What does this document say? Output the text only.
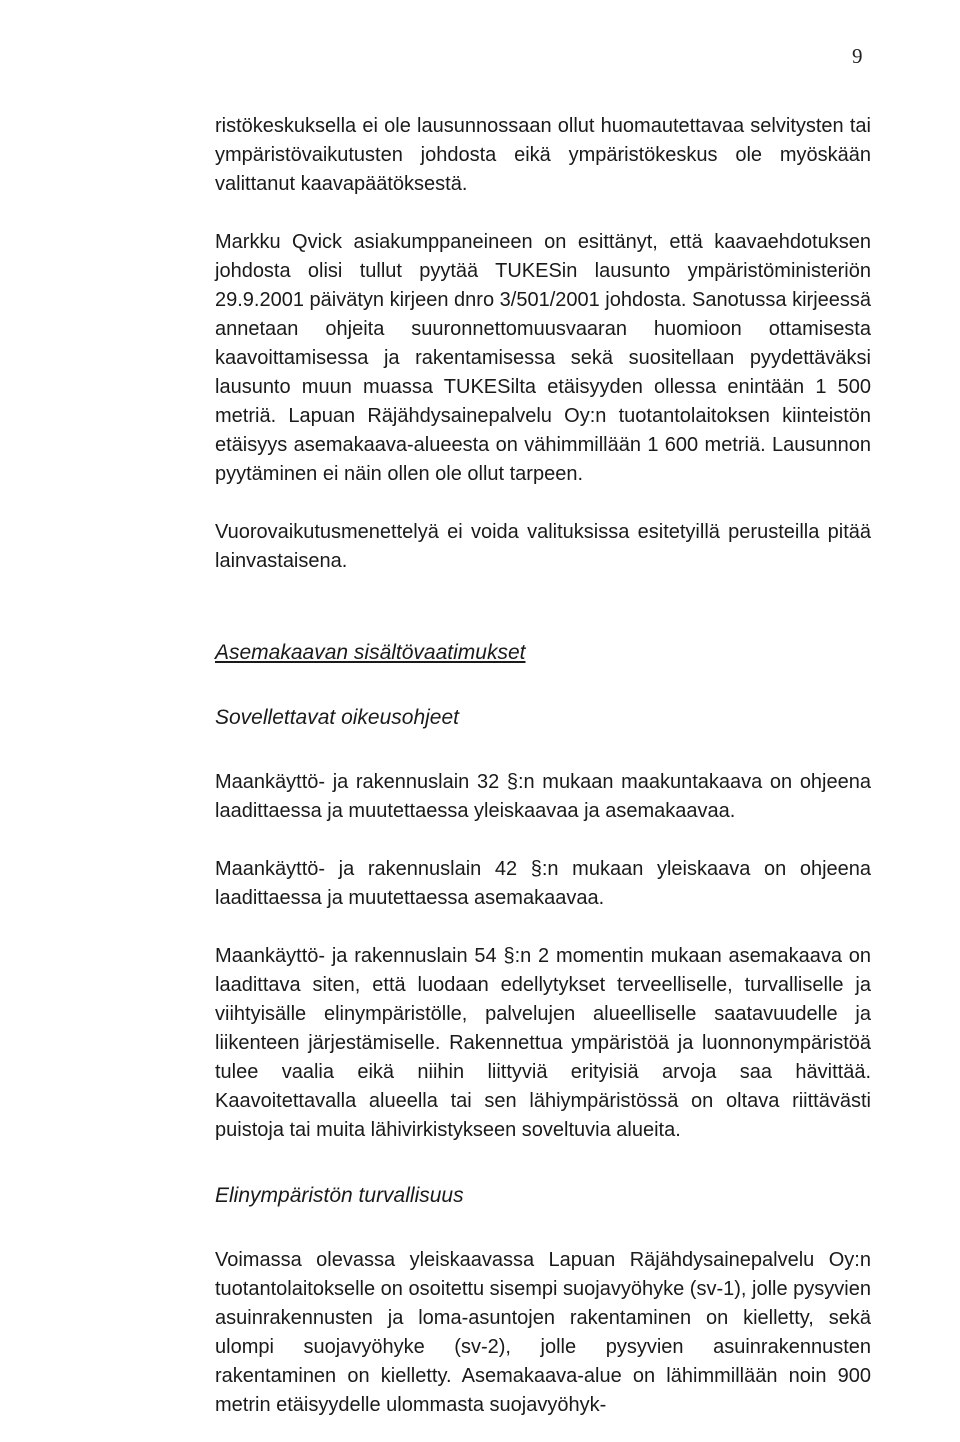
9

ristökeskuksella ei ole lausunnossaan ollut huomautettavaa selvitysten tai ympäristövaikutusten johdosta eikä ympäristökeskus ole myöskään valittanut kaavapäätöksestä.

Markku Qvick asiakumppaneineen on esittänyt, että kaavaehdotuksen johdosta olisi tullut pyytää TUKESin lausunto ympäristöministeriön 29.9.2001 päivätyn kirjeen dnro 3/501/2001 johdosta. Sanotussa kirjeessä annetaan ohjeita suuronnettomuusvaaran huomioon ottamisesta kaavoittamisessa ja rakentamisessa sekä suositellaan pyydettäväksi lausunto muun muassa TUKESilta etäisyyden ollessa enintään 1 500 metriä. Lapuan Räjähdysainepalvelu Oy:n tuotantolaitoksen kiinteistön etäisyys asemakaava-alueesta on vähimmillään 1 600 metriä. Lausunnon pyytäminen ei näin ollen ole ollut tarpeen.

Vuorovaikutusmenettelyä ei voida valituksissa esitetyillä perusteilla pitää lainvastaisena.

Asemakaavan sisältövaatimukset

Sovellettavat oikeusohjeet

Maankäyttö- ja rakennuslain 32 §:n mukaan maakuntakaava on ohjeena laadittaessa ja muutettaessa yleiskaavaa ja asemakaavaa.

Maankäyttö- ja rakennuslain 42 §:n mukaan yleiskaava on ohjeena laadittaessa ja muutettaessa asemakaavaa.

Maankäyttö- ja rakennuslain 54 §:n 2 momentin mukaan asemakaava on laadittava siten, että luodaan edellytykset terveelliselle, turvalliselle ja viihtyisälle elinympäristölle, palvelujen alueelliselle saatavuudelle ja liikenteen järjestämiselle. Rakennettua ympäristöä ja luonnonympäristöä tulee vaalia eikä niihin liittyviä erityisiä arvoja saa hävittää. Kaavoitettavalla alueella tai sen lähiympäristössä on oltava riittävästi puistoja tai muita lähivirkistykseen soveltuvia alueita.

Elinympäristön turvallisuus

Voimassa olevassa yleiskaavassa Lapuan Räjähdysainepalvelu Oy:n tuotantolaitokselle on osoitettu sisempi suojavyöhyke (sv-1), jolle pysyvien asuinrakennusten ja loma-asuntojen rakentaminen on kielletty, sekä ulompi suojavyöhyke (sv-2), jolle pysyvien asuinrakennusten rakentaminen on kielletty. Asemakaava-alue on lähimmillään noin 900 metrin etäisyydelle ulommasta suojavyöhyk-
